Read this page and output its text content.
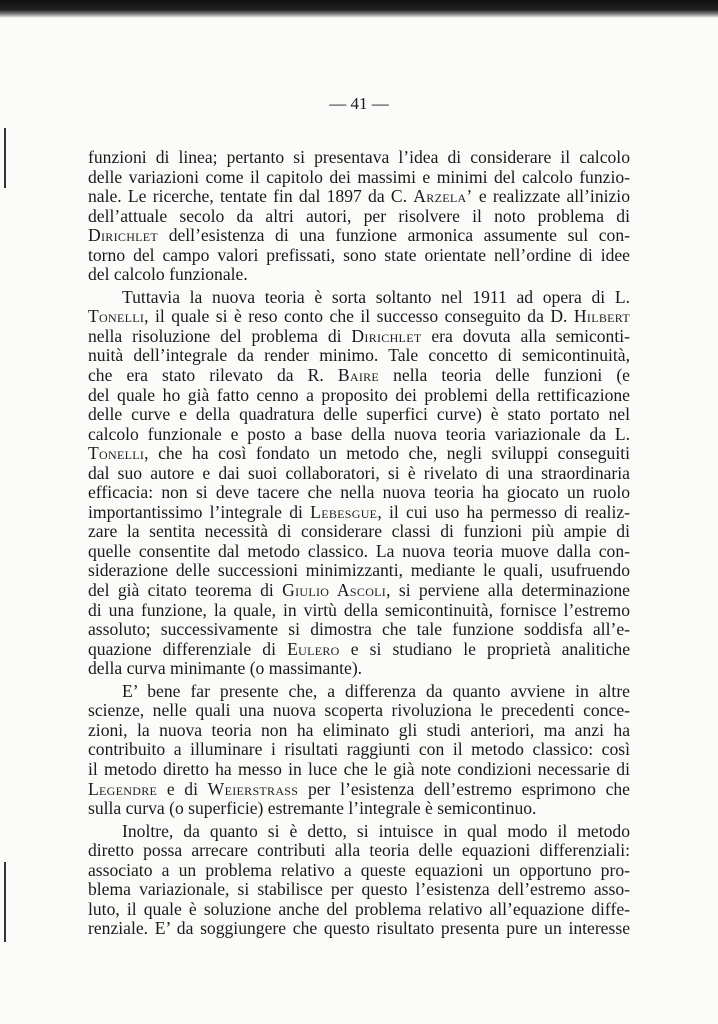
— 41 —
funzioni di linea; pertanto si presentava l’idea di considerare il calcolo
delle variazioni come il capitolo dei massimi e minimi del calcolo funzio-
nale. Le ricerche, tentate fin dal 1897 da C. Arzela’ e realizzate all’inizio
dell’attuale secolo da altri autori, per risolvere il noto problema di
Dirichlet dell’esistenza di una funzione armonica assumente sul con-
torno del campo valori prefissati, sono state orientate nell’ordine di idee
del calcolo funzionale.
Tuttavia la nuova teoria è sorta soltanto nel 1911 ad opera di L.
Tonelli, il quale si è reso conto che il successo conseguito da D. Hilbert
nella risoluzione del problema di Dirichlet era dovuta alla semiconti-
nuità dell’integrale da render minimo. Tale concetto di semicontinuità,
che era stato rilevato da R. Baire nella teoria delle funzioni (e
del quale ho già fatto cenno a proposito dei problemi della rettificazione
delle curve e della quadratura delle superfici curve) è stato portato nel
calcolo funzionale e posto a base della nuova teoria variazionale da L.
Tonelli, che ha così fondato un metodo che, negli sviluppi conseguiti
dal suo autore e dai suoi collaboratori, si è rivelato di una straordinaria
efficacia: non si deve tacere che nella nuova teoria ha giocato un ruolo
importantissimo l’integrale di Lebesgue, il cui uso ha permesso di realiz-
zare la sentita necessità di considerare classi di funzioni più ampie di
quelle consentite dal metodo classico. La nuova teoria muove dalla con-
siderazione delle successioni minimizzanti, mediante le quali, usufruendo
del già citato teorema di Giulio Ascoli, si perviene alla determinazione
di una funzione, la quale, in virtù della semicontinuità, fornisce l’estremo
assoluto; successivamente si dimostra che tale funzione soddisfa all’e-
quazione differenziale di Eulero e si studiano le proprietà analitiche
della curva minimante (o massimante).
E’ bene far presente che, a differenza da quanto avviene in altre
scienze, nelle quali una nuova scoperta rivoluziona le precedenti conce-
zioni, la nuova teoria non ha eliminato gli studi anteriori, ma anzi ha
contribuito a illuminare i risultati raggiunti con il metodo classico: così
il metodo diretto ha messo in luce che le già note condizioni necessarie di
Legendre e di Weierstrass per l’esistenza dell’estremo esprimono che
sulla curva (o superficie) estremante l’integrale è semicontinuo.
Inoltre, da quanto si è detto, si intuisce in qual modo il metodo
diretto possa arrecare contributi alla teoria delle equazioni differenziali:
associato a un problema relativo a queste equazioni un opportuno pro-
blema variazionale, si stabilisce per questo l’esistenza dell’estremo asso-
luto, il quale è soluzione anche del problema relativo all’equazione diffe-
renziale. E’ da soggiungere che questo risultato presenta pure un interesse
